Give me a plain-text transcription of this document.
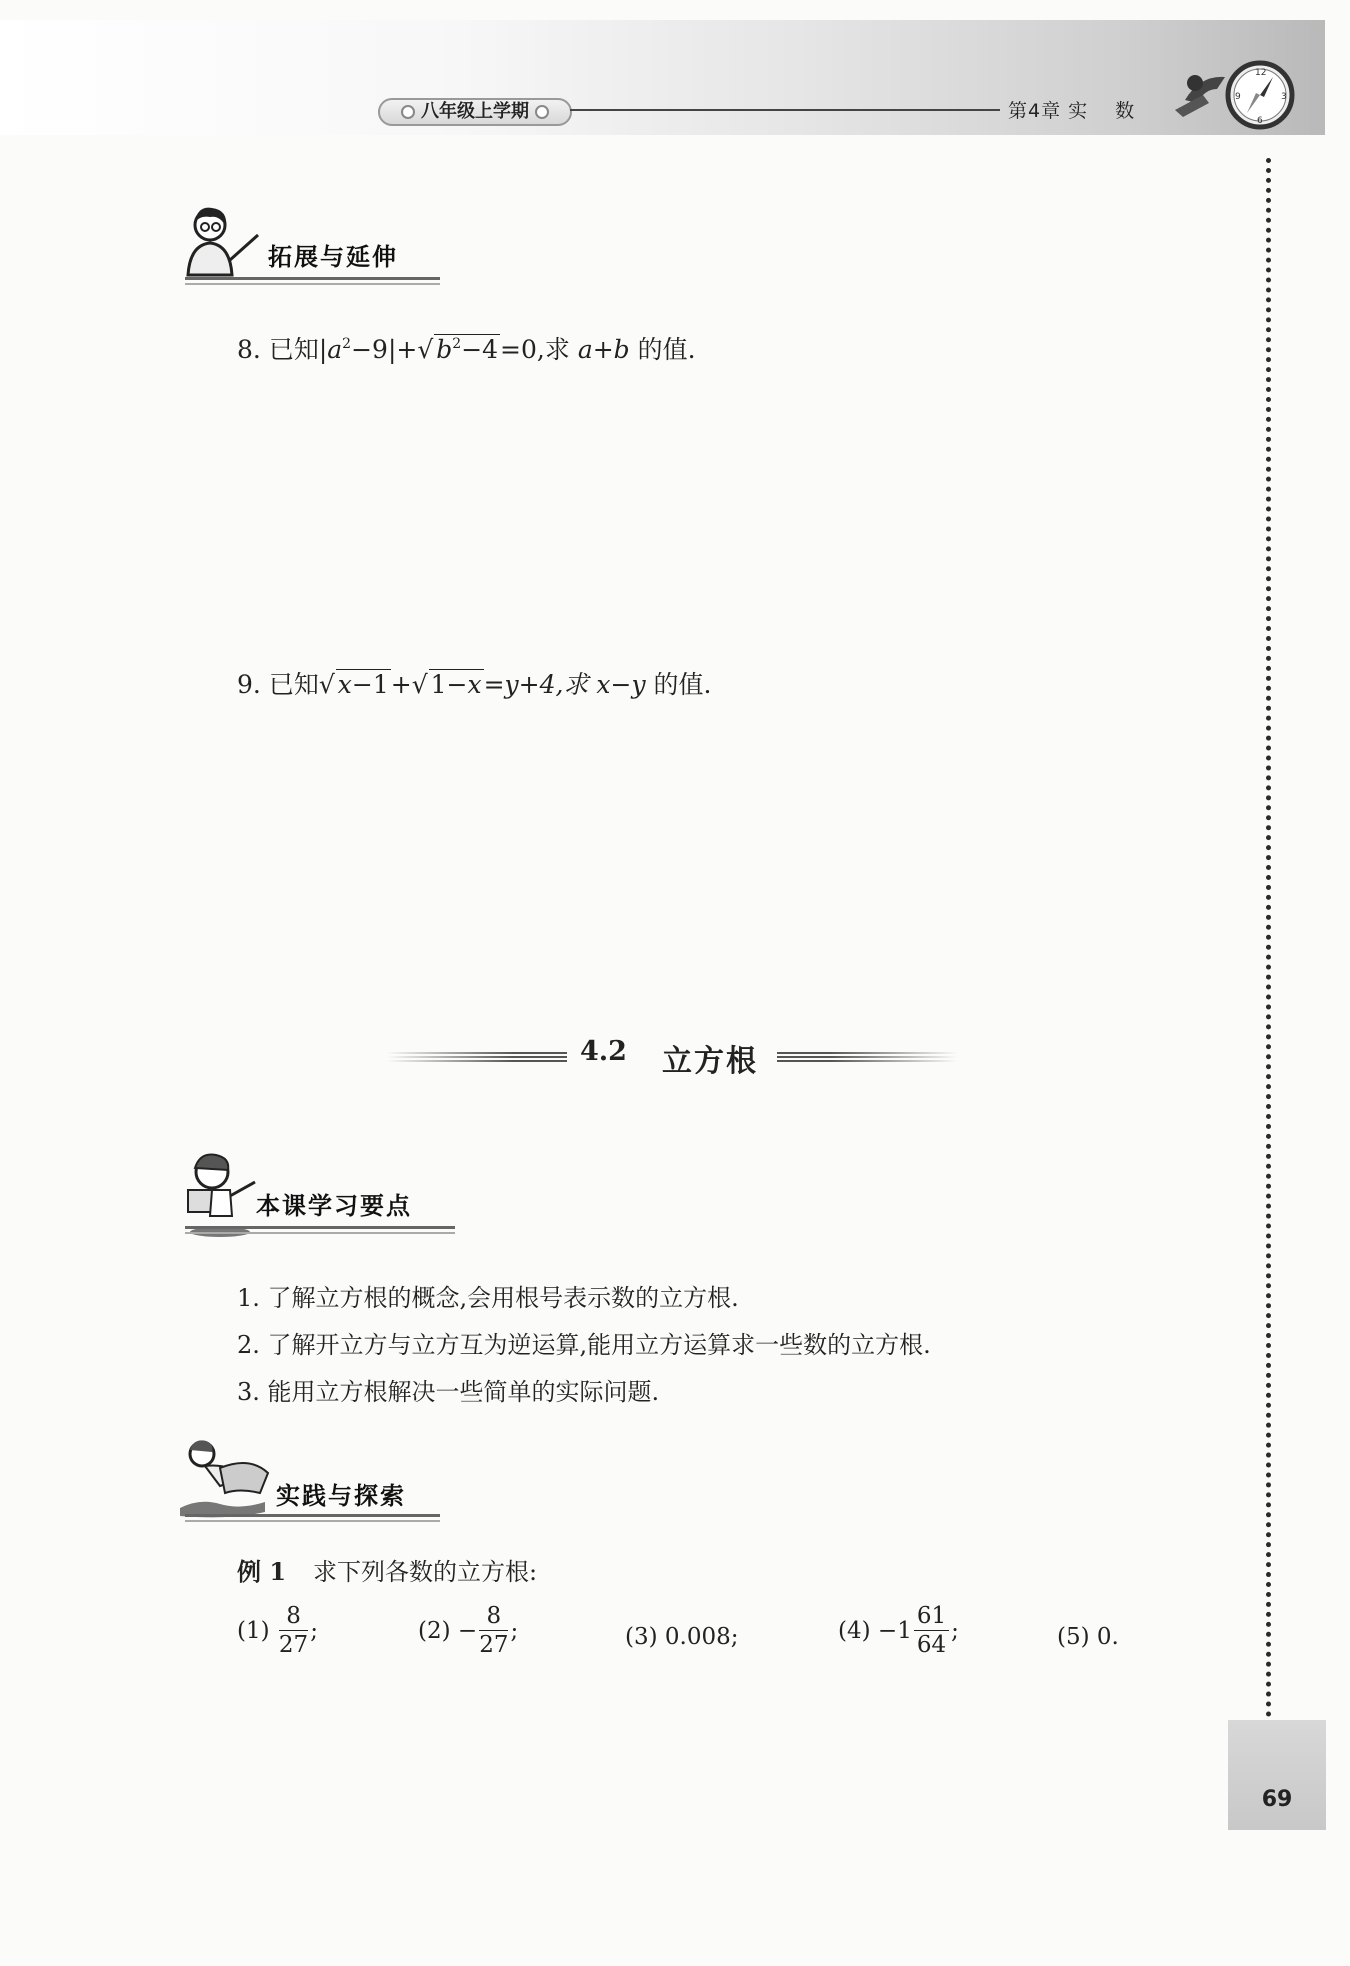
八年级上学期	第4章 实　 数
12
3
6
9
拓展与延伸
8. 已知$|a^2-9|+√$ $b^2-4=0$,求 a+b 的值.
9. 已知√ x−1+√ 1−x=y+4,求 x−y 的值.
4.2 立方根
本课学习要点
1. 了解立方根的概念,会用根号表示数的立方根.
2. 了解开立方与立方互为逆运算,能用立方运算求一些数的立方根.
3. 能用立方根解决一些简单的实际问题.
实践与探索
例 1 求下列各数的立方根:
$(1) \frac{8}{27}$ ;	$(2) - \frac{8}{27}$ ;	(3) 0.008;	$(4) -1 \frac{61}{64}$ ;	(5) 0.
69
